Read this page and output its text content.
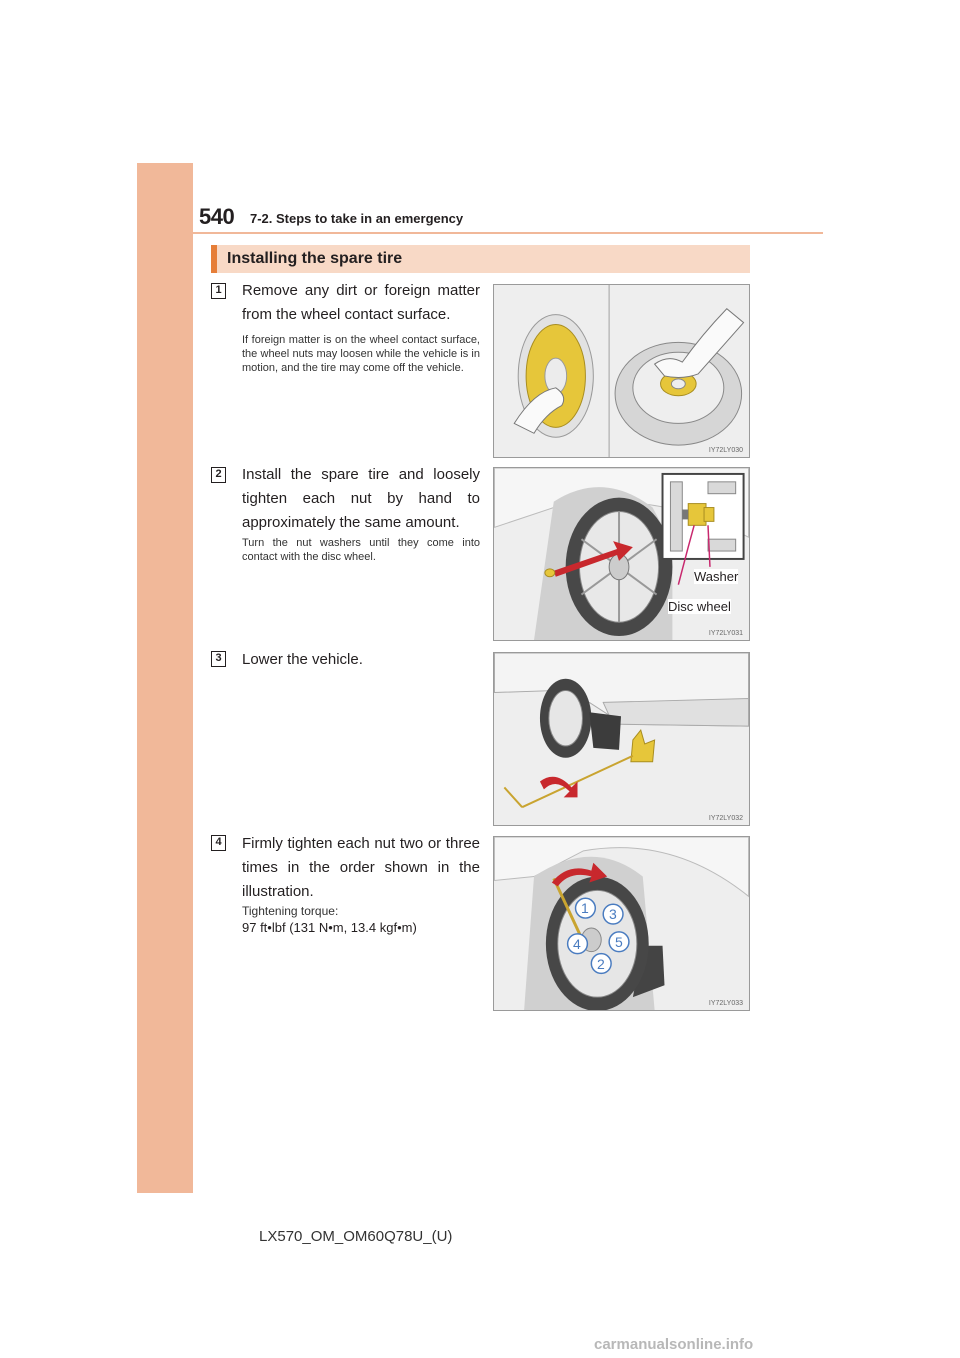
540 7-2. Steps to take in an emergency
Installing the spare tire
1 Remove any dirt or foreign matter from the wheel contact surface.
If foreign matter is on the wheel contact surface, the wheel nuts may loosen while the vehicle is in motion, and the tire may come off the vehicle.
IY72LY030
2 Install the spare tire and loosely tighten each nut by hand to approximately the same amount.
Turn the nut washers until they come into contact with the disc wheel.
Washer
Disc wheel
IY72LY031
3 Lower the vehicle.
IY72LY032
4 Firmly tighten each nut two or three times in the order shown in the illustration.
Tightening torque:
97 ft•lbf (131 N•m, 13.4 kgf•m)
1 3
4 5
2
IY72LY033
LX570_OM_OM60Q78U_(U)
carmanualsonline.info
